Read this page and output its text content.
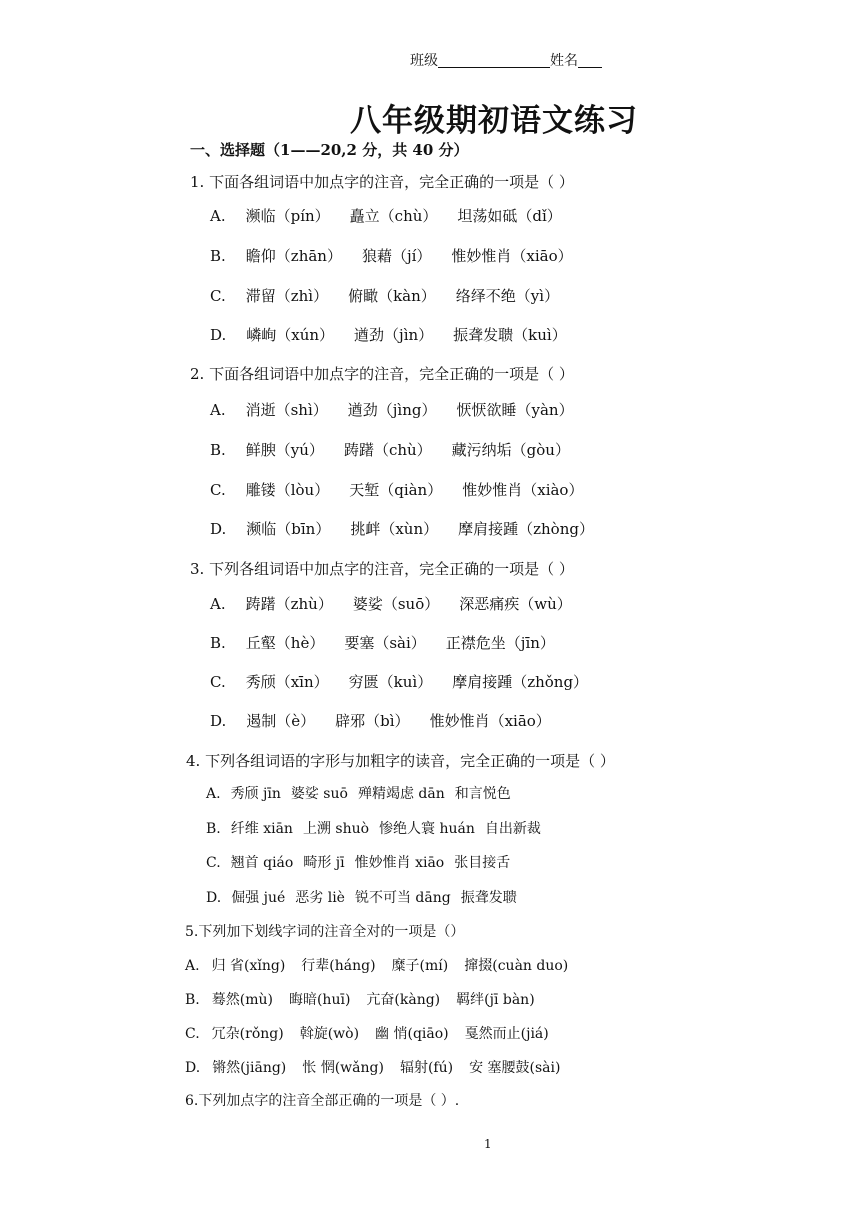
班级	姓名
八年级期初语文练习
一、选择题（1——20,2 分，共 40 分）
1. 下面各组词语中加点字的注音，完全正确的一项是（ ）
A. 濒临（pín） 矗立（chù） 坦荡如砥（dǐ）
B. 瞻仰（zhān） 狼藉（jí） 惟妙惟肖（xiāo）
C. 滞留（zhì） 俯瞰（kàn） 络绎不绝（yì）
D. 嶙峋（xún） 遒劲（jìn） 振聋发聩（kuì）
2. 下面各组词语中加点字的注音，完全正确的一项是（ ）
A. 消逝（shì） 遒劲（jìng） 恹恹欲睡（yàn）
B. 鲜腴（yú） 踌躇（chù） 藏污纳垢（gòu）
C. 雕镂（lòu） 天堑（qiàn） 惟妙惟肖（xiào）
D. 濒临（bīn） 挑衅（xùn） 摩肩接踵（zhòng）
3. 下列各组词语中加点字的注音，完全正确的一项是（ ）
A. 踌躇（zhù） 婆娑（suō） 深恶痛疾（wù）
B. 丘壑（hè） 要塞（sài） 正襟危坐（jīn）
C. 秀颀（xīn） 穷匮（kuì） 摩肩接踵（zhǒng）
D. 遏制（è） 辟邪（bì） 惟妙惟肖（xiāo）
4. 下列各组词语的字形与加粗字的读音，完全正确的一项是（ ）
A. 秀颀 jīn 婆娑 suō 殚精竭虑 dān 和言悦色
B. 纤维 xiān 上溯 shuò 惨绝人寰 huán 自出新裁
C. 翘首 qiáo 畸形 jī 惟妙惟肖 xiāo 张目接舌
D. 倔强 jué 恶劣 liè 锐不可当 dāng 振聋发聩
5.下列加下划线字词的注音全对的一项是（）
A. 归 省(xǐng) 行辈(háng) 糜子(mí) 撺掇(cuàn duo)
B. 蓦然(mù) 晦暗(huī) 亢奋(kàng) 羁绊(jī bàn)
C. 冗杂(rǒng) 斡旋(wò) 幽 悄(qiāo) 戛然而止(jiá)
D. 锵然(jiāng) 怅 惘(wǎng) 辐射(fú) 安 塞腰鼓(sài)
6.下列加点字的注音全部正确的一项是（ ）.
1
